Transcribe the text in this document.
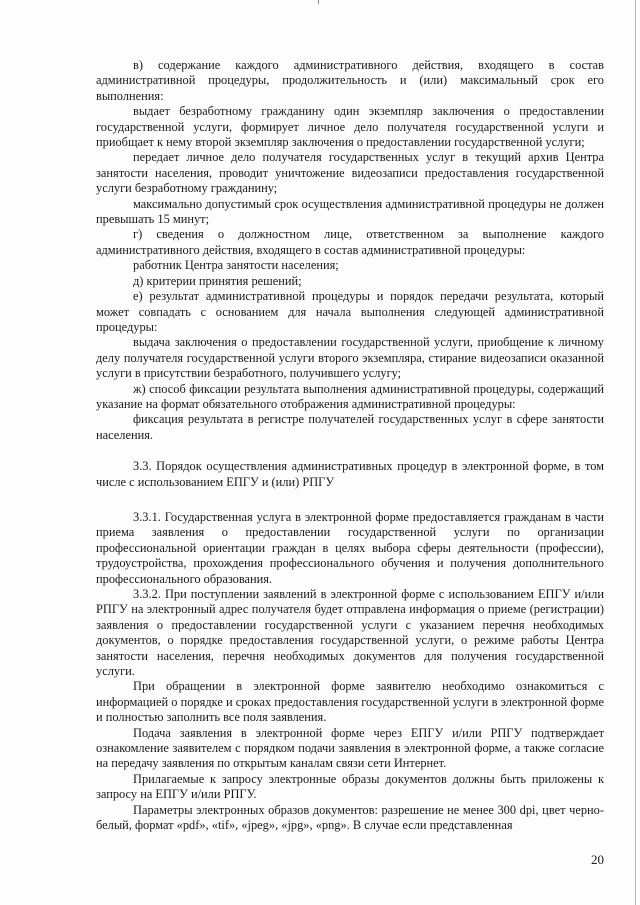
в) содержание каждого административного действия, входящего в состав административной процедуры, продолжительность и (или) максимальный срок его выполнения:

выдает безработному гражданину один экземпляр заключения о предоставлении государственной услуги, формирует личное дело получателя государственной услуги и приобщает к нему второй экземпляр заключения о предоставлении государственной услуги;

передает личное дело получателя государственных услуг в текущий архив Центра занятости населения, проводит уничтожение видеозаписи предоставления государственной услуги безработному гражданину;

максимально допустимый срок осуществления административной процедуры не должен превышать 15 минут;

г) сведения о должностном лице, ответственном за выполнение каждого административного действия, входящего в состав административной процедуры:

работник Центра занятости населения;

д) критерии принятия решений;

е) результат административной процедуры и порядок передачи результата, который может совпадать с основанием для начала выполнения следующей административной процедуры:

выдача заключения о предоставлении государственной услуги, приобщение к личному делу получателя государственной услуги второго экземпляра, стирание видеозаписи оказанной услуги в присутствии безработного, получившего услугу;

ж) способ фиксации результата выполнения административной процедуры, содержащий указание на формат обязательного отображения административной процедуры:

фиксация результата в регистре получателей государственных услуг в сфере занятости населения.

3.3. Порядок осуществления административных процедур в электронной форме, в том числе с использованием ЕПГУ и (или) РПГУ

3.3.1. Государственная услуга в электронной форме предоставляется гражданам в части приема заявления о предоставлении государственной услуги по организации профессиональной ориентации граждан в целях выбора сферы деятельности (профессии), трудоустройства, прохождения профессионального обучения и получения дополнительного профессионального образования.

3.3.2. При поступлении заявлений в электронной форме с использованием ЕПГУ и/или РПГУ на электронный адрес получателя будет отправлена информация о приеме (регистрации) заявления о предоставлении государственной услуги с указанием перечня необходимых документов, о порядке предоставления государственной услуги, о режиме работы Центра занятости населения, перечня необходимых документов для получения государственной услуги.

При обращении в электронной форме заявителю необходимо ознакомиться с информацией о порядке и сроках предоставления государственной услуги в электронной форме и полностью заполнить все поля заявления.

Подача заявления в электронной форме через ЕПГУ и/или РПГУ подтверждает ознакомление заявителем с порядком подачи заявления в электронной форме, а также согласие на передачу заявления по открытым каналам связи сети Интернет.

Прилагаемые к запросу электронные образы документов должны быть приложены к запросу на ЕПГУ и/или РПГУ.

Параметры электронных образов документов: разрешение не менее 300 dpi, цвет черно-белый, формат «pdf», «tif», «jpeg», «jpg», «png». В случае если представленная

20
